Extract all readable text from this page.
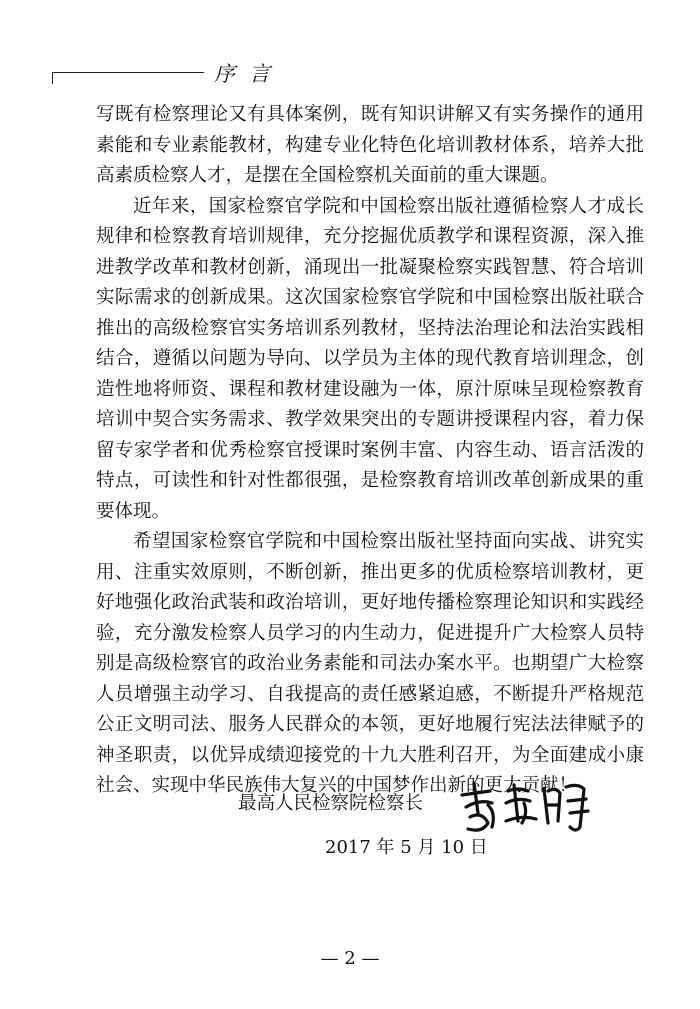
序言

写既有检察理论又有具体案例，既有知识讲解又有实务操作的通用素能和专业素能教材，构建专业化特色化培训教材体系，培养大批高素质检察人才，是摆在全国检察机关面前的重大课题。

近年来，国家检察官学院和中国检察出版社遵循检察人才成长规律和检察教育培训规律，充分挖掘优质教学和课程资源，深入推进教学改革和教材创新，涌现出一批凝聚检察实践智慧、符合培训实际需求的创新成果。这次国家检察官学院和中国检察出版社联合推出的高级检察官实务培训系列教材，坚持法治理论和法治实践相结合，遵循以问题为导向、以学员为主体的现代教育培训理念，创造性地将师资、课程和教材建设融为一体，原汁原味呈现检察教育培训中契合实务需求、教学效果突出的专题讲授课程内容，着力保留专家学者和优秀检察官授课时案例丰富、内容生动、语言活泼的特点，可读性和针对性都很强，是检察教育培训改革创新成果的重要体现。

希望国家检察官学院和中国检察出版社坚持面向实战、讲究实用、注重实效原则，不断创新，推出更多的优质检察培训教材，更好地强化政治武装和政治培训，更好地传播检察理论知识和实践经验，充分激发检察人员学习的内生动力，促进提升广大检察人员特别是高级检察官的政治业务素能和司法办案水平。也期望广大检察人员增强主动学习、自我提高的责任感紧迫感，不断提升严格规范公正文明司法、服务人民群众的本领，更好地履行宪法法律赋予的神圣职责，以优异成绩迎接党的十九大胜利召开，为全面建成小康社会、实现中华民族伟大复兴的中国梦作出新的更大贡献！

最高人民检察院检察长
2017 年 5 月 10 日
— 2 —
